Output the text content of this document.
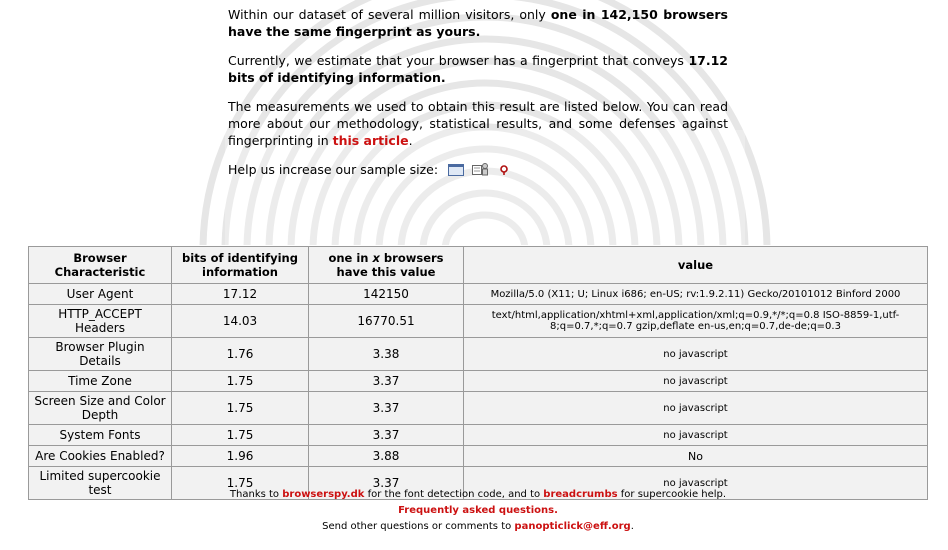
Within our dataset of several million visitors, only one in 142,150 browsers have the same fingerprint as yours.

Currently, we estimate that your browser has a fingerprint that conveys 17.12 bits of identifying information.

The measurements we used to obtain this result are listed below. You can read more about our methodology, statistical results, and some defenses against fingerprinting in this article.

Help us increase our sample size:
Browser Characteristic	bits of identifying information	one in x browsers have this value	value
User Agent	17.12	142150	Mozilla/5.0 (X11; U; Linux i686; en-US; rv:1.9.2.11) Gecko/20101012 Binford 2000
HTTP_ACCEPT Headers	14.03	16770.51	text/html,application/xhtml+xml,application/xml;q=0.9,*/*;q=0.8 ISO-8859-1,utf-8;q=0.7,*;q=0.7 gzip,deflate en-us,en;q=0.7,de-de;q=0.3
Browser Plugin Details	1.76	3.38	no javascript
Time Zone	1.75	3.37	no javascript
Screen Size and Color Depth	1.75	3.37	no javascript
System Fonts	1.75	3.37	no javascript
Are Cookies Enabled?	1.96	3.88	No
Limited supercookie test	1.75	3.37	no javascript
Thanks to browserspy.dk for the font detection code, and to breadcrumbs for supercookie help.
Frequently asked questions.
Send other questions or comments to panopticlick@eff.org.
